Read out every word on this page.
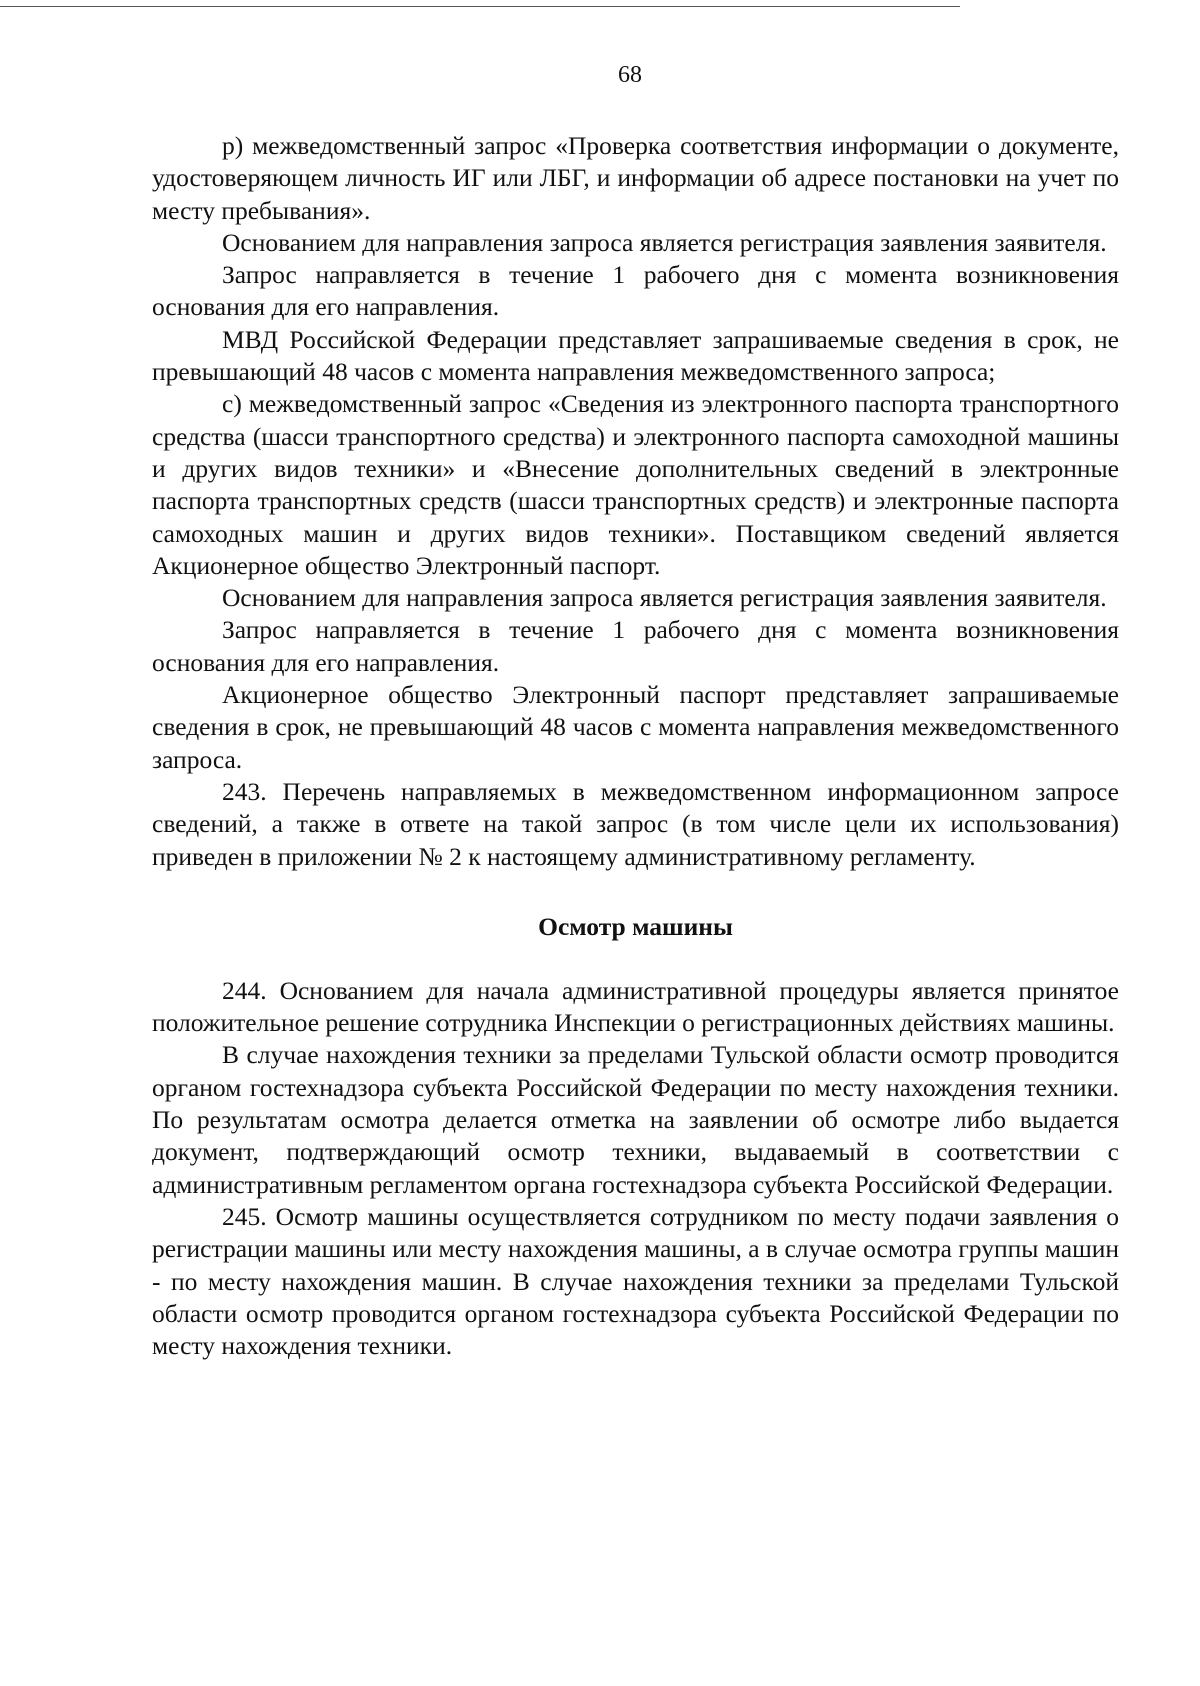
68

р) межведомственный запрос «Проверка соответствия информации о документе, удостоверяющем личность ИГ или ЛБГ, и информации об адресе постановки на учет по месту пребывания».

Основанием для направления запроса является регистрация заявления заявителя.

Запрос направляется в течение 1 рабочего дня с момента возникновения основания для его направления.

МВД Российской Федерации представляет запрашиваемые сведения в срок, не превышающий 48 часов с момента направления межведомственного запроса;

с) межведомственный запрос «Сведения из электронного паспорта транспортного средства (шасси транспортного средства) и электронного паспорта самоходной машины и других видов техники» и «Внесение дополнительных сведений в электронные паспорта транспортных средств (шасси транспортных средств) и электронные паспорта самоходных машин и других видов техники». Поставщиком сведений является Акционерное общество Электронный паспорт.

Основанием для направления запроса является регистрация заявления заявителя.

Запрос направляется в течение 1 рабочего дня с момента возникновения основания для его направления.

Акционерное общество Электронный паспорт представляет запрашиваемые сведения в срок, не превышающий 48 часов с момента направления межведомственного запроса.

243. Перечень направляемых в межведомственном информационном запросе сведений, а также в ответе на такой запрос (в том числе цели их использования) приведен в приложении № 2 к настоящему административному регламенту.

Осмотр машины

244. Основанием для начала административной процедуры является принятое положительное решение сотрудника Инспекции о регистрационных действиях машины.

В случае нахождения техники за пределами Тульской области осмотр проводится органом гостехнадзора субъекта Российской Федерации по месту нахождения техники. По результатам осмотра делается отметка на заявлении об осмотре либо выдается документ, подтверждающий осмотр техники, выдаваемый в соответствии с административным регламентом органа гостехнадзора субъекта Российской Федерации.

245. Осмотр машины осуществляется сотрудником по месту подачи заявления о регистрации машины или месту нахождения машины, а в случае осмотра группы машин - по месту нахождения машин. В случае нахождения техники за пределами Тульской области осмотр проводится органом гостехнадзора субъекта Российской Федерации по месту нахождения техники.
